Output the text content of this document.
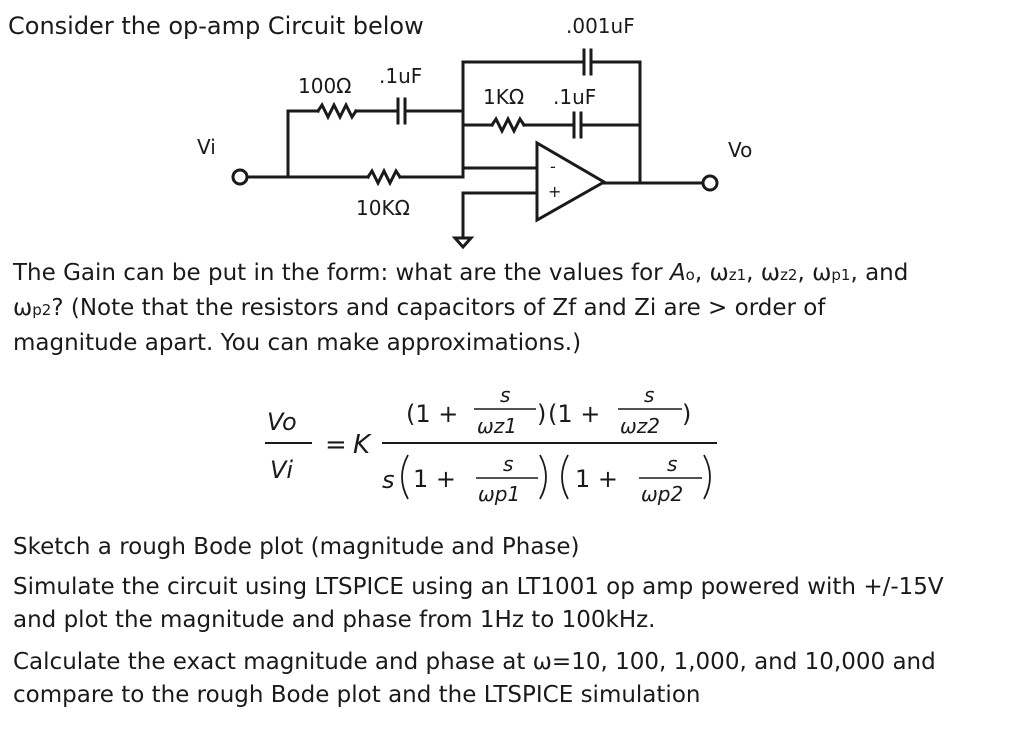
Consider the op-amp Circuit below
Vi	Vo
100Ω .1uF
1KΩ .1uF
.001uF
10KΩ
-
+
The Gain can be put in the form: what are the values for Ao, ωz1, ωz2, ωp1, and
ωp2? (Note that the resistors and capacitors of Zf and Zi are > order of
magnitude apart. You can make approximations.)
Vo
Vi
= K
(1 +
s
ωz1 ) (1 +
s
ωz2 )
s 1 +
s
ωp1
1 +
s
ωp2
Sketch a rough Bode plot (magnitude and Phase)
Simulate the circuit using LTSPICE using an LT1001 op amp powered with +/-15V
and plot the magnitude and phase from 1Hz to 100kHz.
Calculate the exact magnitude and phase at ω=10, 100, 1,000, and 10,000 and
compare to the rough Bode plot and the LTSPICE simulation
